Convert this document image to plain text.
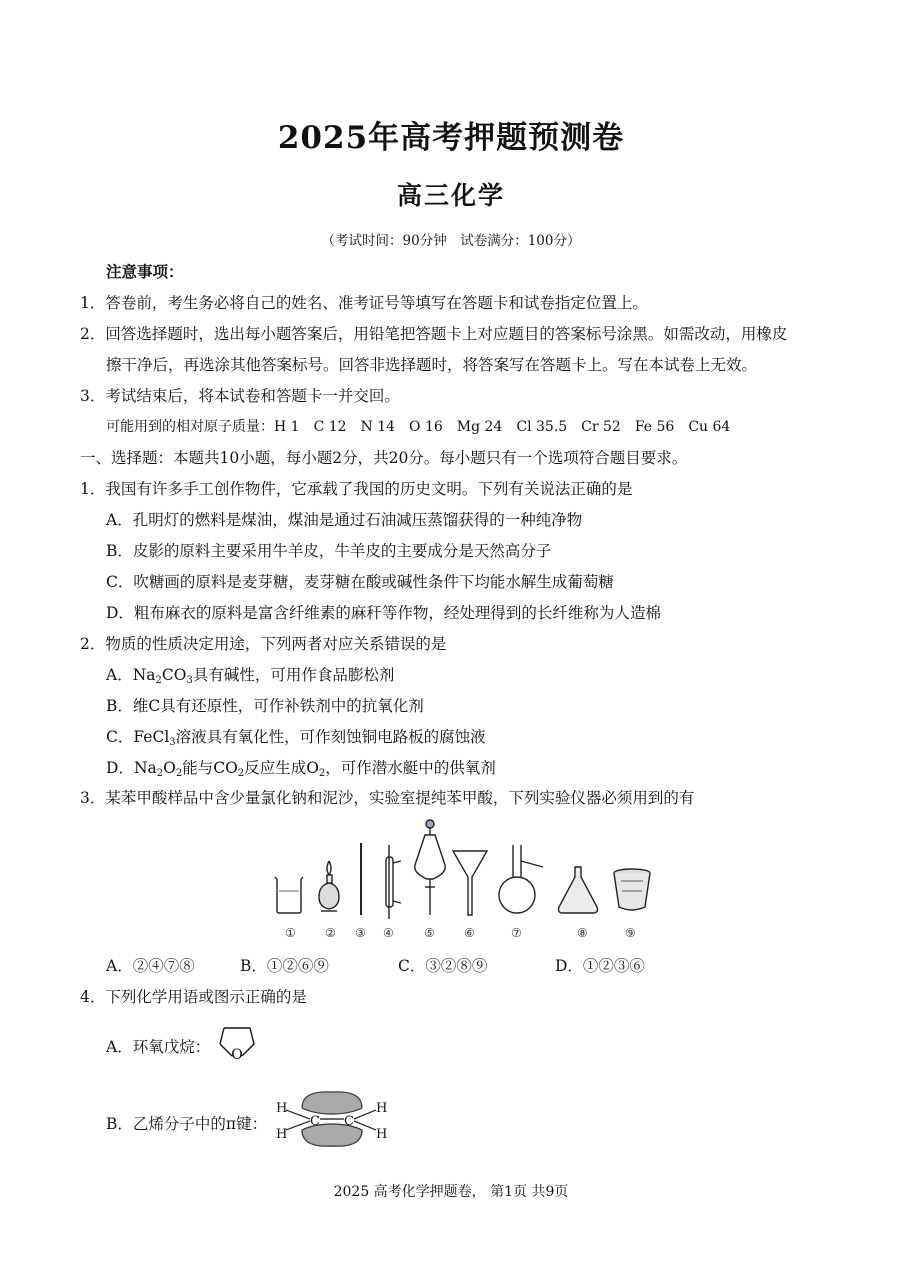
2025年高考押题预测卷
高三化学
（考试时间：90分钟　试卷满分：100分）
注意事项：
1．答卷前，考生务必将自己的姓名、准考证号等填写在答题卡和试卷指定位置上。
2．回答选择题时，选出每小题答案后，用铅笔把答题卡上对应题目的答案标号涂黑。如需改动，用橡皮
擦干净后，再选涂其他答案标号。回答非选择题时，将答案写在答题卡上。写在本试卷上无效。
3．考试结束后，将本试卷和答题卡一并交回。
可能用到的相对原子质量：H 1　C 12　N 14　O 16　Mg 24　Cl 35.5　Cr 52　Fe 56　Cu 64
一、选择题：本题共10小题，每小题2分，共20分。每小题只有一个选项符合题目要求。
1．我国有许多手工创作物件，它承载了我国的历史文明。下列有关说法正确的是
A．孔明灯的燃料是煤油，煤油是通过石油减压蒸馏获得的一种纯净物
B．皮影的原料主要采用牛羊皮，牛羊皮的主要成分是天然高分子
C．吹糖画的原料是麦芽糖，麦芽糖在酸或碱性条件下均能水解生成葡萄糖
D．粗布麻衣的原料是富含纤维素的麻秆等作物，经处理得到的长纤维称为人造棉
2．物质的性质决定用途，下列两者对应关系错误的是
A．$Na_2CO_3$具有碱性，可用作食品膨松剂
B．维C具有还原性，可作补铁剂中的抗氧化剂
C．FeCl$_3$溶液具有氧化性，可作刻蚀铜电路板的腐蚀液
D．$Na_2O_2$能与$CO_2$反应生成$O_2$，可作潜水艇中的供氧剂
3．某苯甲酸样品中含少量氯化钠和泥沙，实验室提纯苯甲酸，下列实验仪器必须用到的有
① ② ③ ④	⑤ ⑥	⑦	⑧	⑨
A．②④⑦⑧	B．①②⑥⑨	C．③②⑧⑨	D．①②③⑥
4．下列化学用语或图示正确的是
A．环氧戊烷： O
B．乙烯分子中的π键：
H
H
C C
H
H
2025 高考化学押题卷， 第1页 共9页
